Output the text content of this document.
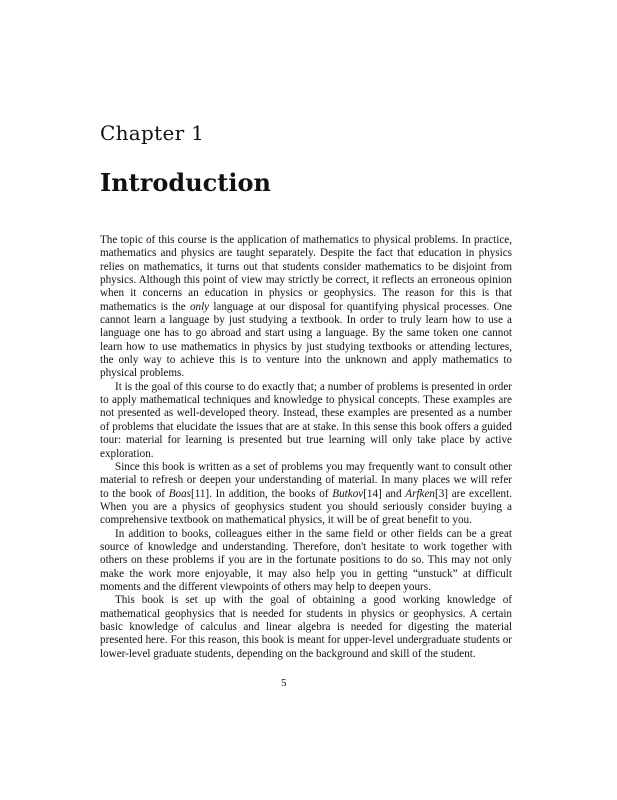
Chapter 1
Introduction

The topic of this course is the application of mathematics to physical problems. In practice, mathematics and physics are taught separately. Despite the fact that education in physics relies on mathematics, it turns out that students consider mathematics to be disjoint from physics. Although this point of view may strictly be correct, it reflects an erroneous opinion when it concerns an education in physics or geophysics. The reason for this is that mathematics is the only language at our disposal for quantifying physical processes. One cannot learn a language by just studying a textbook. In order to truly learn how to use a language one has to go abroad and start using a language. By the same token one cannot learn how to use mathematics in physics by just studying textbooks or attending lectures, the only way to achieve this is to venture into the unknown and apply mathematics to physical problems.

It is the goal of this course to do exactly that; a number of problems is presented in order to apply mathematical techniques and knowledge to physical concepts. These examples are not presented as well-developed theory. Instead, these examples are presented as a number of problems that elucidate the issues that are at stake. In this sense this book offers a guided tour: material for learning is presented but true learning will only take place by active exploration.

Since this book is written as a set of problems you may frequently want to consult other material to refresh or deepen your understanding of material. In many places we will refer to the book of Boas[11]. In addition, the books of Butkov[14] and Arfken[3] are excellent. When you are a physics of geophysics student you should seriously consider buying a comprehensive textbook on mathematical physics, it will be of great benefit to you.

In addition to books, colleagues either in the same field or other fields can be a great source of knowledge and understanding. Therefore, don't hesitate to work together with others on these problems if you are in the fortunate positions to do so. This may not only make the work more enjoyable, it may also help you in getting “unstuck” at difficult moments and the different viewpoints of others may help to deepen yours.

This book is set up with the goal of obtaining a good working knowledge of mathematical geophysics that is needed for students in physics or geophysics. A certain basic knowledge of calculus and linear algebra is needed for digesting the material presented here. For this reason, this book is meant for upper-level undergraduate students or lower-level graduate students, depending on the background and skill of the student.

5
